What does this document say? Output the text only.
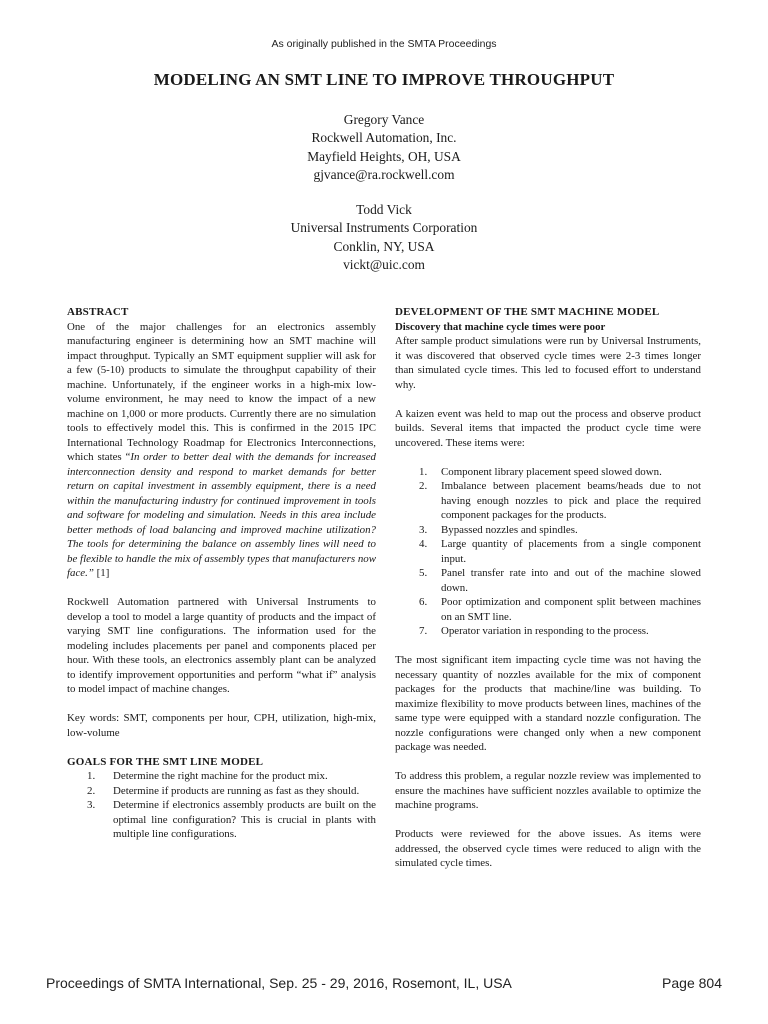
As originally published in the SMTA Proceedings
MODELING AN SMT LINE TO IMPROVE THROUGHPUT
Gregory Vance
Rockwell Automation, Inc.
Mayfield Heights, OH, USA
gjvance@ra.rockwell.com
Todd Vick
Universal Instruments Corporation
Conklin, NY, USA
vickt@uic.com
ABSTRACT

One of the major challenges for an electronics assembly manufacturing engineer is determining how an SMT machine will impact throughput. Typically an SMT equipment supplier will ask for a few (5-10) products to simulate the throughput capability of their machine. Unfortunately, if the engineer works in a high-mix low-volume environment, he may need to know the impact of a new machine on 1,000 or more products. Currently there are no simulation tools to effectively model this. This is confirmed in the 2015 IPC International Technology Roadmap for Electronics Interconnections, which states “In order to better deal with the demands for increased interconnection density and respond to market demands for better return on capital investment in assembly equipment, there is a need within the manufacturing industry for continued improvement in tools and software for modeling and simulation. Needs in this area include better methods of load balancing and improved machine utilization? The tools for determining the balance on assembly lines will need to be flexible to handle the mix of assembly types that manufacturers now face.” [1]

Rockwell Automation partnered with Universal Instruments to develop a tool to model a large quantity of products and the impact of varying SMT line configurations. The information used for the modeling includes placements per panel and components placed per hour. With these tools, an electronics assembly plant can be analyzed to identify improvement opportunities and perform “what if” analysis to model impact of machine changes.

Key words: SMT, components per hour, CPH, utilization, high-mix, low-volume

GOALS FOR THE SMT LINE MODEL
1.	Determine the right machine for the product mix.
2.	Determine if products are running as fast as they should.
3.	Determine if electronics assembly products are built on the optimal line configuration? This is crucial in plants with multiple line configurations.
DEVELOPMENT OF THE SMT MACHINE MODEL
Discovery that machine cycle times were poor

After sample product simulations were run by Universal Instruments, it was discovered that observed cycle times were 2-3 times longer than simulated cycle times. This led to focused effort to understand why.

A kaizen event was held to map out the process and observe product builds. Several items that impacted the product cycle time were uncovered. These items were:

1.	Component library placement speed slowed down.
2.	Imbalance between placement beams/heads due to not having enough nozzles to pick and place the required component packages for the products.
3.	Bypassed nozzles and spindles.
4.	Large quantity of placements from a single component input.
5.	Panel transfer rate into and out of the machine slowed down.
6.	Poor optimization and component split between machines on an SMT line.
7.	Operator variation in responding to the process.

The most significant item impacting cycle time was not having the necessary quantity of nozzles available for the mix of component packages for the products that machine/line was building. To maximize flexibility to move products between lines, machines of the same type were equipped with a standard nozzle configuration. The nozzle configurations were changed only when a new component package was needed.

To address this problem, a regular nozzle review was implemented to ensure the machines have sufficient nozzles available to optimize the machine programs.

Products were reviewed for the above issues. As items were addressed, the observed cycle times were reduced to align with the simulated cycle times.

Proceedings of SMTA International, Sep. 25 - 29, 2016, Rosemont, IL, USA	Page 804
